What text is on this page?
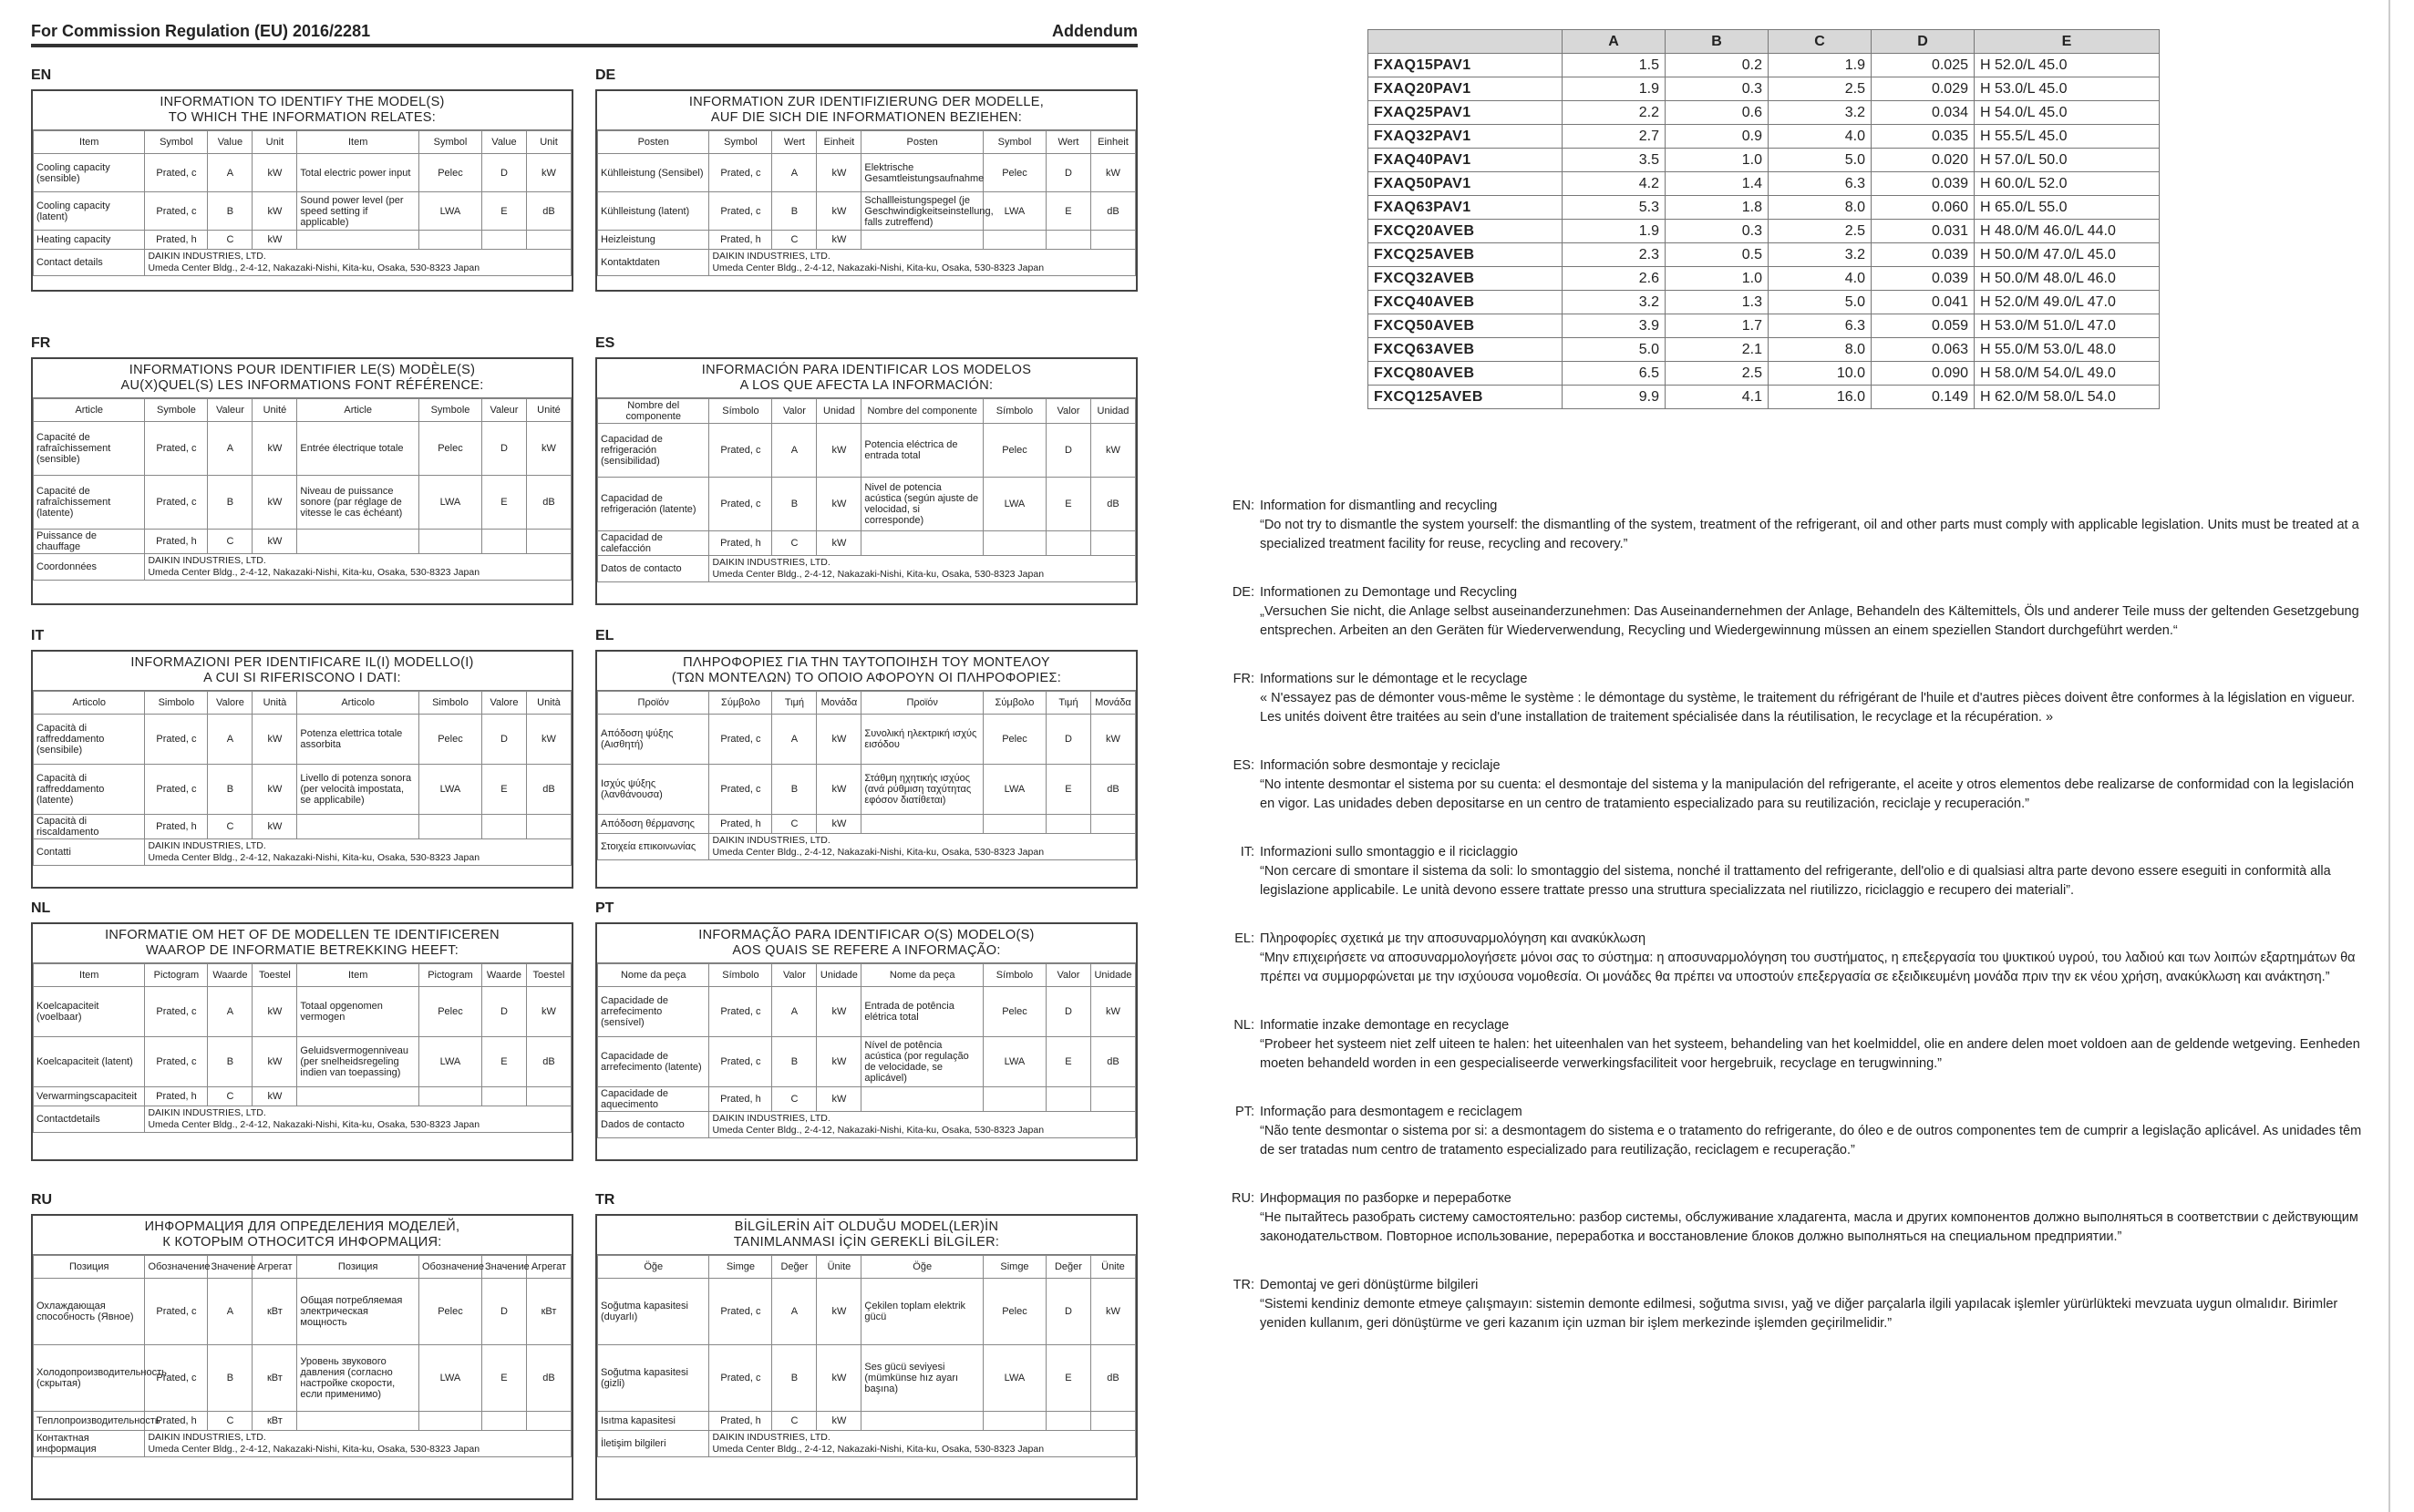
For Commission Regulation (EU) 2016/2281	Addendum
EN
INFORMATION TO IDENTIFY THE MODEL(S)
TO WHICH THE INFORMATION RELATES:
Item	Symbol	Value	Unit	Item	Symbol	Value	Unit
Cooling capacity (sensible)	Prated, c	A	kW	Total electric power input	Pelec	D	kW
Cooling capacity (latent)	Prated, c	B	kW	Sound power level (per speed setting if applicable)	LWA	E	dB
Heating capacity	Prated, h	C	kW				
Contact details	DAIKIN INDUSTRIES, LTD.
Umeda Center Bldg., 2-4-12, Nakazaki-Nishi, Kita-ku, Osaka, 530-8323 Japan						
DE
INFORMATION ZUR IDENTIFIZIERUNG DER MODELLE,
AUF DIE SICH DIE INFORMATIONEN BEZIEHEN:
Posten	Symbol	Wert	Einheit	Posten	Symbol	Wert	Einheit
Kühlleistung (Sensibel)	Prated, c	A	kW	Elektrische Gesamtleistungsaufnahme	Pelec	D	kW
Kühlleistung (latent)	Prated, c	B	kW	Schallleistungspegel (je Geschwindigkeitseinstellung, falls zutreffend)	LWA	E	dB
Heizleistung	Prated, h	C	kW				
Kontaktdaten	DAIKIN INDUSTRIES, LTD.
Umeda Center Bldg., 2-4-12, Nakazaki-Nishi, Kita-ku, Osaka, 530-8323 Japan						
FR
INFORMATIONS POUR IDENTIFIER LE(S) MODÈLE(S)
AU(X)QUEL(S) LES INFORMATIONS FONT RÉFÉRENCE:
Article	Symbole	Valeur	Unité	Article	Symbole	Valeur	Unité
Capacité de rafraîchissement (sensible)	Prated, c	A	kW	Entrée électrique totale	Pelec	D	kW
Capacité de rafraîchissement (latente)	Prated, c	B	kW	Niveau de puissance sonore (par réglage de vitesse le cas échéant)	LWA	E	dB
Puissance de chauffage	Prated, h	C	kW				
Coordonnées	DAIKIN INDUSTRIES, LTD.
Umeda Center Bldg., 2-4-12, Nakazaki-Nishi, Kita-ku, Osaka, 530-8323 Japan						
ES
INFORMACIÓN PARA IDENTIFICAR LOS MODELOS
A LOS QUE AFECTA LA INFORMACIÓN:
Nombre del componente	Símbolo	Valor	Unidad	Nombre del componente	Símbolo	Valor	Unidad
Capacidad de refrigeración (sensibilidad)	Prated, c	A	kW	Potencia eléctrica de entrada total	Pelec	D	kW
Capacidad de refrigeración (latente)	Prated, c	B	kW	Nivel de potencia acústica (según ajuste de velocidad, si corresponde)	LWA	E	dB
Capacidad de calefacción	Prated, h	C	kW				
Datos de contacto	DAIKIN INDUSTRIES, LTD.
Umeda Center Bldg., 2-4-12, Nakazaki-Nishi, Kita-ku, Osaka, 530-8323 Japan						
IT
INFORMAZIONI PER IDENTIFICARE IL(I) MODELLO(I)
A CUI SI RIFERISCONO I DATI:
Articolo	Simbolo	Valore	Unità	Articolo	Simbolo	Valore	Unità
Capacità di raffreddamento (sensibile)	Prated, c	A	kW	Potenza elettrica totale assorbita	Pelec	D	kW
Capacità di raffreddamento (latente)	Prated, c	B	kW	Livello di potenza sonora (per velocità impostata, se applicabile)	LWA	E	dB
Capacità di riscaldamento	Prated, h	C	kW				
Contatti	DAIKIN INDUSTRIES, LTD.
Umeda Center Bldg., 2-4-12, Nakazaki-Nishi, Kita-ku, Osaka, 530-8323 Japan						
EL
ΠΛΗΡΟΦΟΡΙΕΣ ΓΙΑ ΤΗΝ ΤΑΥΤΟΠΟΙΗΣΗ ΤΟΥ ΜΟΝΤΕΛΟΥ
(ΤΩΝ ΜΟΝΤΕΛΩΝ) ΤΟ ΟΠΟΙΟ ΑΦΟΡΟΥΝ ΟΙ ΠΛΗΡΟΦΟΡΙΕΣ:
Προϊόν	Σύμβολο	Τιμή	Μονάδα	Προϊόν	Σύμβολο	Τιμή	Μονάδα
Απόδοση ψύξης (Αισθητή)	Prated, c	A	kW	Συνολική ηλεκτρική ισχύς εισόδου	Pelec	D	kW
Ισχύς ψύξης (λανθάνουσα)	Prated, c	B	kW	Στάθμη ηχητικής ισχύος (ανά ρύθμιση ταχύτητας εφόσον διατίθεται)	LWA	E	dB
Απόδοση θέρμανσης	Prated, h	C	kW				
Στοιχεία επικοινωνίας	DAIKIN INDUSTRIES, LTD.
Umeda Center Bldg., 2-4-12, Nakazaki-Nishi, Kita-ku, Osaka, 530-8323 Japan						
NL
INFORMATIE OM HET OF DE MODELLEN TE IDENTIFICEREN
WAAROP DE INFORMATIE BETREKKING HEEFT:
Item	Pictogram	Waarde	Toestel	Item	Pictogram	Waarde	Toestel
Koelcapaciteit (voelbaar)	Prated, c	A	kW	Totaal opgenomen vermogen	Pelec	D	kW
Koelcapaciteit (latent)	Prated, c	B	kW	Geluidsvermogenniveau (per snelheidsregeling indien van toepassing)	LWA	E	dB
Verwarmingscapaciteit	Prated, h	C	kW				
Contactdetails	DAIKIN INDUSTRIES, LTD.
Umeda Center Bldg., 2-4-12, Nakazaki-Nishi, Kita-ku, Osaka, 530-8323 Japan						
PT
INFORMAÇÃO PARA IDENTIFICAR O(S) MODELO(S)
AOS QUAIS SE REFERE A INFORMAÇÃO:
Nome da peça	Símbolo	Valor	Unidade	Nome da peça	Símbolo	Valor	Unidade
Capacidade de arrefecimento (sensível)	Prated, c	A	kW	Entrada de potência elétrica total	Pelec	D	kW
Capacidade de arrefecimento (latente)	Prated, c	B	kW	Nível de potência acústica (por regulação de velocidade, se aplicável)	LWA	E	dB
Capacidade de aquecimento	Prated, h	C	kW				
Dados de contacto	DAIKIN INDUSTRIES, LTD.
Umeda Center Bldg., 2-4-12, Nakazaki-Nishi, Kita-ku, Osaka, 530-8323 Japan						
RU
ИНФОРМАЦИЯ ДЛЯ ОПРЕДЕЛЕНИЯ МОДЕЛЕЙ,
К КОТОРЫМ ОТНОСИТСЯ ИНФОРМАЦИЯ:
Позиция	Обозначение	Значение	Агрегат	Позиция	Обозначение	Значение	Агрегат
Охлаждающая способность (Явное)	Prated, c	A	кВт	Общая потребляемая электрическая мощность	Pelec	D	кВт
Холодопроизводительность (скрытая)	Prated, c	B	кВт	Уровень звукового давления (согласно настройке скорости, если применимо)	LWA	E	dB
Теплопроизводительность	Prated, h	C	кВт				
Контактная информация	DAIKIN INDUSTRIES, LTD.
Umeda Center Bldg., 2-4-12, Nakazaki-Nishi, Kita-ku, Osaka, 530-8323 Japan						
TR
BİLGİLERİN AİT OLDUĞU MODEL(LER)İN
TANIMLANMASI İÇİN GEREKLİ BİLGİLER:
Öğe	Simge	Değer	Ünite	Öğe	Simge	Değer	Ünite
Soğutma kapasitesi (duyarlı)	Prated, c	A	kW	Çekilen toplam elektrik gücü	Pelec	D	kW
Soğutma kapasitesi (gizli)	Prated, c	B	kW	Ses gücü seviyesi (mümkünse hız ayarı başına)	LWA	E	dB
Isıtma kapasitesi	Prated, h	C	kW				
İletişim bilgileri	DAIKIN INDUSTRIES, LTD.
Umeda Center Bldg., 2-4-12, Nakazaki-Nishi, Kita-ku, Osaka, 530-8323 Japan						
	A	B	C	D	E
FXAQ15PAV1	1.5	0.2	1.9	0.025	H 52.0/L 45.0
FXAQ20PAV1	1.9	0.3	2.5	0.029	H 53.0/L 45.0
FXAQ25PAV1	2.2	0.6	3.2	0.034	H 54.0/L 45.0
FXAQ32PAV1	2.7	0.9	4.0	0.035	H 55.5/L 45.0
FXAQ40PAV1	3.5	1.0	5.0	0.020	H 57.0/L 50.0
FXAQ50PAV1	4.2	1.4	6.3	0.039	H 60.0/L 52.0
FXAQ63PAV1	5.3	1.8	8.0	0.060	H 65.0/L 55.0
FXCQ20AVEB	1.9	0.3	2.5	0.031	H 48.0/M 46.0/L 44.0
FXCQ25AVEB	2.3	0.5	3.2	0.039	H 50.0/M 47.0/L 45.0
FXCQ32AVEB	2.6	1.0	4.0	0.039	H 50.0/M 48.0/L 46.0
FXCQ40AVEB	3.2	1.3	5.0	0.041	H 52.0/M 49.0/L 47.0
FXCQ50AVEB	3.9	1.7	6.3	0.059	H 53.0/M 51.0/L 47.0
FXCQ63AVEB	5.0	2.1	8.0	0.063	H 55.0/M 53.0/L 48.0
FXCQ80AVEB	6.5	2.5	10.0	0.090	H 58.0/M 54.0/L 49.0
FXCQ125AVEB	9.9	4.1	16.0	0.149	H 62.0/M 58.0/L 54.0
EN: Information for dismantling and recycling
“Do not try to dismantle the system yourself: the dismantling of the system, treatment of the refrigerant, oil and other parts must comply with applicable legislation. Units must be treated at a specialized treatment facility for reuse, recycling and recovery.”
DE: Informationen zu Demontage und Recycling
„Versuchen Sie nicht, die Anlage selbst auseinanderzunehmen: Das Auseinandernehmen der Anlage, Behandeln des Kältemittels, Öls und anderer Teile muss der geltenden Gesetzgebung entsprechen. Arbeiten an den Geräten für Wiederverwendung, Recycling und Wiedergewinnung müssen an einem speziellen Standort durchgeführt werden.“
FR: Informations sur le démontage et le recyclage
« N'essayez pas de démonter vous-même le système : le démontage du système, le traitement du réfrigérant de l'huile et d'autres pièces doivent être conformes à la législation en vigueur. Les unités doivent être traitées au sein d'une installation de traitement spécialisée dans la réutilisation, le recyclage et la récupération. »
ES: Información sobre desmontaje y reciclaje
“No intente desmontar el sistema por su cuenta: el desmontaje del sistema y la manipulación del refrigerante, el aceite y otros elementos debe realizarse de conformidad con la legislación en vigor. Las unidades deben depositarse en un centro de tratamiento especializado para su reutilización, reciclaje y recuperación.”
IT: Informazioni sullo smontaggio e il riciclaggio
“Non cercare di smontare il sistema da soli: lo smontaggio del sistema, nonché il trattamento del refrigerante, dell'olio e di qualsiasi altra parte devono essere eseguiti in conformità alla legislazione applicabile. Le unità devono essere trattate presso una struttura specializzata nel riutilizzo, riciclaggio e recupero dei materiali”.
EL: Πληροφορίες σχετικά με την αποσυναρμολόγηση και ανακύκλωση
“Μην επιχειρήσετε να αποσυναρμολογήσετε μόνοι σας το σύστημα: η αποσυναρμολόγηση του συστήματος, η επεξεργασία του ψυκτικού υγρού, του λαδιού και των λοιπών εξαρτημάτων θα πρέπει να συμμορφώνεται με την ισχύουσα νομοθεσία. Οι μονάδες θα πρέπει να υποστούν επεξεργασία σε εξειδικευμένη μονάδα πριν την εκ νέου χρήση, ανακύκλωση και ανάκτηση.”
NL: Informatie inzake demontage en recyclage
“Probeer het systeem niet zelf uiteen te halen: het uiteenhalen van het systeem, behandeling van het koelmiddel, olie en andere delen moet voldoen aan de geldende wetgeving. Eenheden moeten behandeld worden in een gespecialiseerde verwerkingsfaciliteit voor hergebruik, recyclage en terugwinning.”
PT: Informação para desmontagem e reciclagem
“Não tente desmontar o sistema por si: a desmontagem do sistema e o tratamento do refrigerante, do óleo e de outros componentes tem de cumprir a legislação aplicável. As unidades têm de ser tratadas num centro de tratamento especializado para reutilização, reciclagem e recuperação.”
RU: Информация по разборке и переработке
“Не пытайтесь разобрать систему самостоятельно: разбор системы, обслуживание хладагента, масла и других компонентов должно выполняться в соответствии с действующим законодательством. Повторное использование, переработка и восстановление блоков должно выполняться на специальном предприятии.”
TR: Demontaj ve geri dönüştürme bilgileri
“Sistemi kendiniz demonte etmeye çalışmayın: sistemin demonte edilmesi, soğutma sıvısı, yağ ve diğer parçalarla ilgili yapılacak işlemler yürürlükteki mevzuata uygun olmalıdır. Birimler yeniden kullanım, geri dönüştürme ve geri kazanım için uzman bir işlem merkezinde işlemden geçirilmelidir.”
